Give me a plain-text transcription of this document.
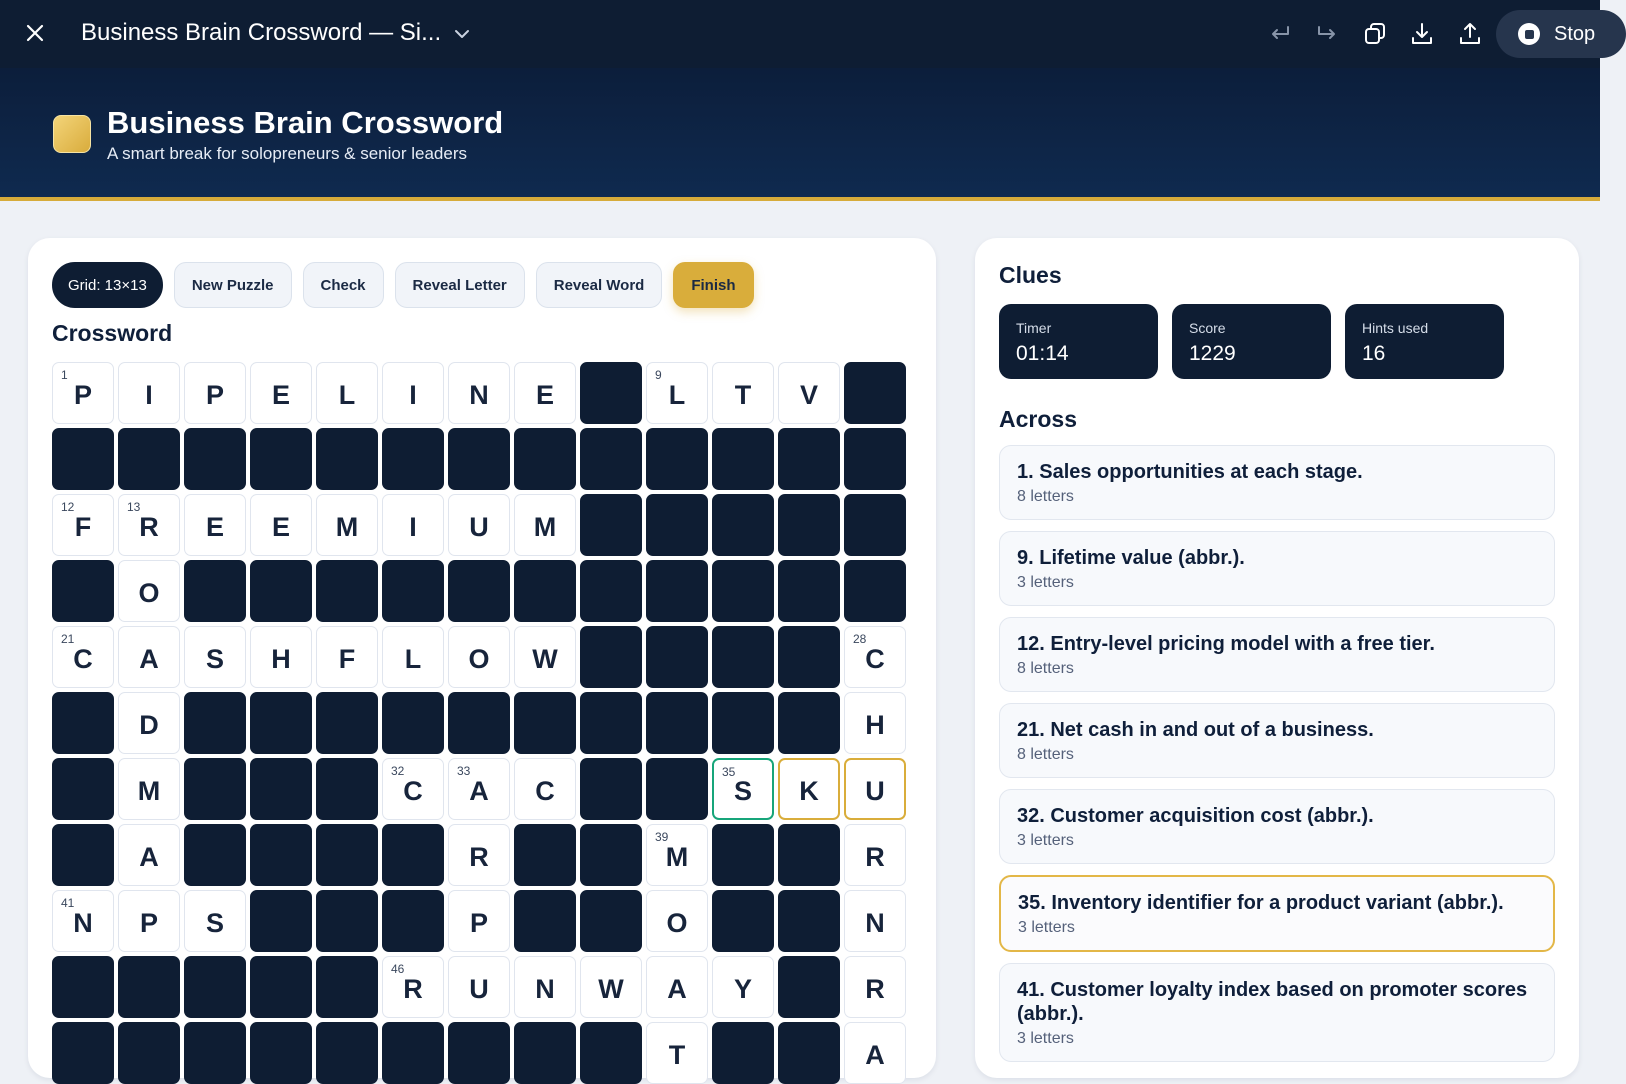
Business Brain Crossword — Si...	Stop
Business Brain Crossword
A smart break for solopreneurs & senior leaders
Grid: 13×13	New Puzzle	Check	Reveal Letter	Reveal Word	Finish
Crossword
1
P I P E L I N E
9
L T V
12
F
13
R E E M I U M
O
21
C A S H F L O W
28
C
D	H
M
32
C
33
A C
35
S K U
A	R
39
M	R
41
N P S	P	O	N
46
R U N W A Y	R
T	A
Clues
Timer
01:14
Score
1229
Hints used
16
Across
1. Sales opportunities at each stage.
8 letters
9. Lifetime value (abbr.).
3 letters
12. Entry-level pricing model with a free tier.
8 letters
21. Net cash in and out of a business.
8 letters
32. Customer acquisition cost (abbr.).
3 letters
35. Inventory identifier for a product variant (abbr.).
3 letters
41. Customer loyalty index based on promoter scores (abbr.).
3 letters
